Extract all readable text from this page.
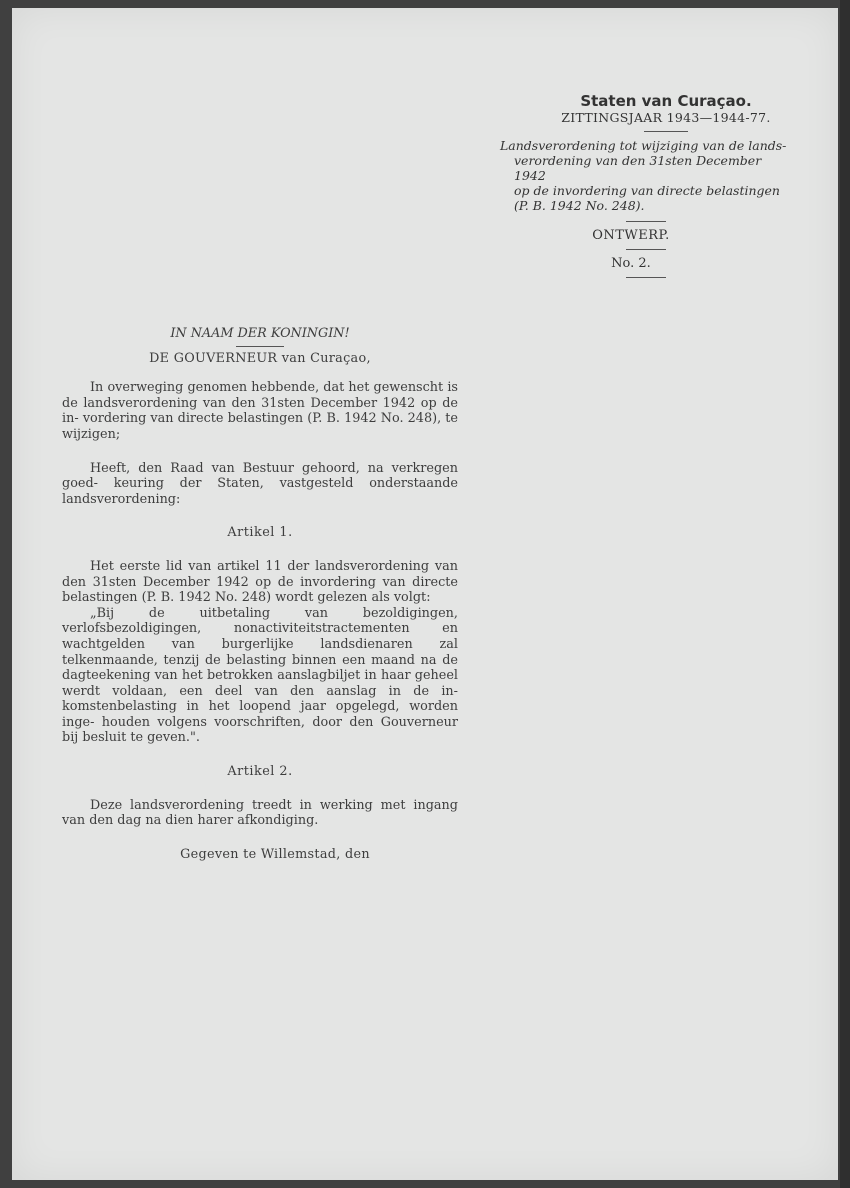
Staten van Curaçao.
ZITTINGSJAAR 1943—1944-77.
Landsverordening tot wijziging van de lands-
verordening van den 31sten December 1942
op de invordering van directe belastingen
(P. B. 1942 No. 248).
ONTWERP.
No. 2.
IN NAAM DER KONINGIN!
DE GOUVERNEUR van Curaçao,

In overweging genomen hebbende, dat het gewenscht is de landsverordening van den 31sten December 1942 op de in- vordering van directe belastingen (P. B. 1942 No. 248), te wijzigen;

Heeft, den Raad van Bestuur gehoord, na verkregen goed- keuring der Staten, vastgesteld onderstaande landsverordening:

Artikel 1.

Het eerste lid van artikel 11 der landsverordening van den 31sten December 1942 op de invordering van directe belastingen (P. B. 1942 No. 248) wordt gelezen als volgt:

„Bij de uitbetaling van bezoldigingen, verlofsbezoldigingen,	nonactiviteitstractementen en wachtgelden van burgerlijke landsdienaren zal telkenmaande, tenzij de belasting binnen een maand na de dagteekening van het betrokken aanslagbiljet in haar geheel werdt voldaan, een deel van den aanslag in de in- komstenbelasting in het loopend jaar opgelegd, worden inge- houden volgens voorschriften, door den Gouverneur bij besluit te geven.".

Artikel 2.

Deze landsverordening treedt in werking met ingang van den dag na dien harer afkondiging.

Gegeven te Willemstad, den
